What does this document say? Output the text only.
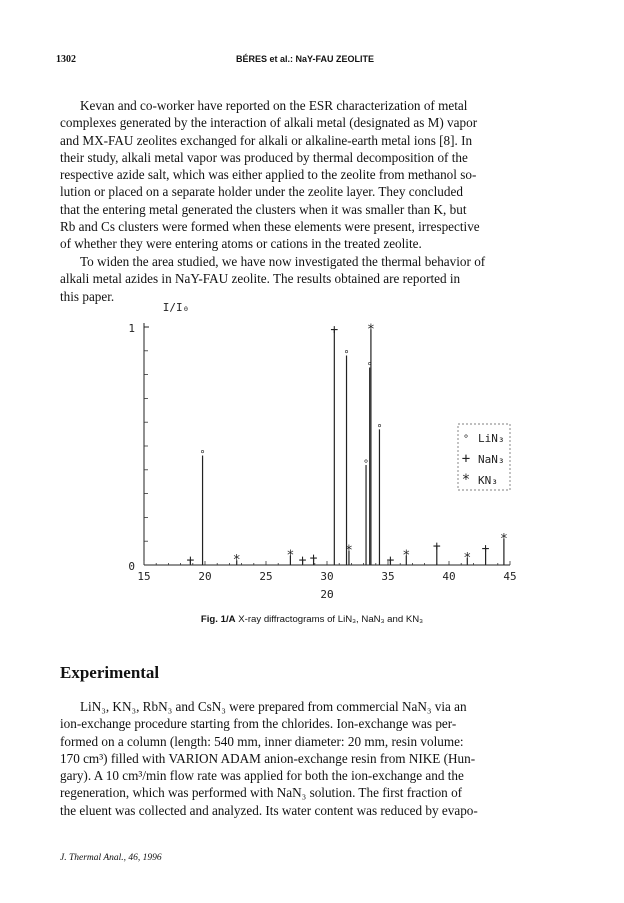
1302	BÉRES et al.: NaY-FAU ZEOLITE

Kevan and co-worker have reported on the ESR characterization of metal
complexes generated by the interaction of alkali metal (designated as M) vapor
and MX-FAU zeolites exchanged for alkali or alkaline-earth metal ions [8]. In
their study, alkali metal vapor was produced by thermal decomposition of the
respective azide salt, which was either applied to the zeolite from methanol so-
lution or placed on a separate holder under the zeolite layer. They concluded
that the entering metal generated the clusters when it was smaller than K, but
Rb and Cs clusters were formed when these elements were present, irrespective
of whether they were entering atoms or cations in the treated zeolite.

To widen the area studied, we have now investigated the thermal behavior of
alkali metal azides in NaY-FAU zeolite. The results obtained are reported in
this paper.

15	20	25	30	35	40	45
2Θ
0
1
I/I₀
°
°
°
°
°
+	+ +
+
+
+	+
*	*	*
*
*	*
*
° LiN₃
+ NaN₃
* KN₃
Fig. 1/A X-ray diffractograms of LiN₃, NaN₃ and KN₃
Experimental

LiN₃, KN₃, RbN₃ and CsN₃ were prepared from commercial NaN₃ via an
ion-exchange procedure starting from the chlorides. Ion-exchange was per-
formed on a column (length: 540 mm, inner diameter: 20 mm, resin volume:
170 cm³) filled with VARION ADAM anion-exchange resin from NIKE (Hun-
gary). A 10 cm³/min flow rate was applied for both the ion-exchange and the
regeneration, which was performed with NaN₃ solution. The first fraction of
the eluent was collected and analyzed. Its water content was reduced by evapo-

J. Thermal Anal., 46, 1996
